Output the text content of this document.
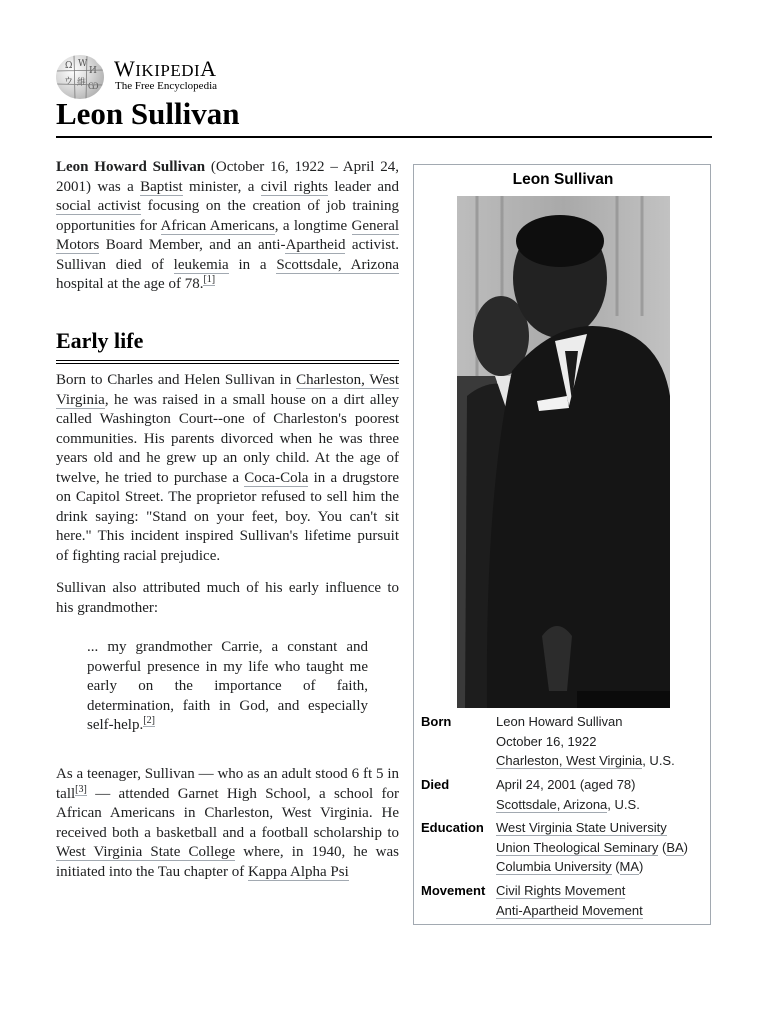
Ω W
И
ウ 維 Ѡ
WIKIPEDIA
The Free Encyclopedia
Leon Sullivan

Leon Howard Sullivan (October 16, 1922 – April 24, 2001) was a Baptist minister, a civil rights leader and social activist focusing on the creation of job training opportunities for African Americans, a longtime General Motors Board Member, and an anti-Apartheid activist. Sullivan died of leukemia in a Scottsdale, Arizona hospital at the age of 78.[1]

Early life

Born to Charles and Helen Sullivan in Charleston, West Virginia, he was raised in a small house on a dirt alley called Washington Court--one of Charleston's poorest communities. His parents divorced when he was three years old and he grew up an only child. At the age of twelve, he tried to purchase a Coca-Cola in a drugstore on Capitol Street. The proprietor refused to sell him the drink saying: "Stand on your feet, boy. You can't sit here." This incident inspired Sullivan's lifetime pursuit of fighting racial prejudice.

Sullivan also attributed much of his early influence to his grandmother:

... my grandmother Carrie, a constant and powerful presence in my life who taught me early on the importance of faith, determination, faith in God, and especially self-help.[2]

As a teenager, Sullivan — who as an adult stood 6 ft 5 in tall[3] — attended Garnet High School, a school for African Americans in Charleston, West Virginia. He received both a basketball and a football scholarship to West Virginia State College where, in 1940, he was initiated into the Tau chapter of Kappa Alpha Psi

Leon Sullivan
Born	Leon Howard Sullivan
October 16, 1922
Charleston, West Virginia, U.S.
Died	April 24, 2001 (aged 78)
Scottsdale, Arizona, U.S.
Education West Virginia State University
Union Theological Seminary (BA)
Columbia University (MA)
Movement Civil Rights Movement
Anti-Apartheid Movement
